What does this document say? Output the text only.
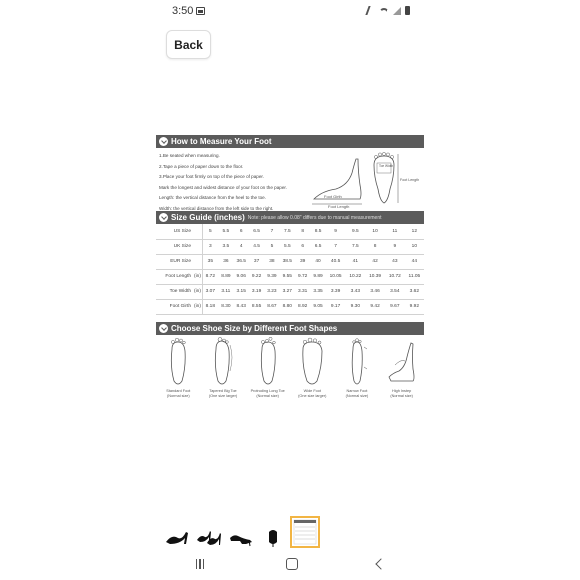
3:50
Back
How to Measure Your Foot
1.Be seated when measuring.
2.Tape a piece of paper down to the floor.
3.Place your foot firmly on top of the piece of paper.
Mark the longest and widest distance of your foot on the paper.
Length: the vertical distance from the heel to the toe.
Width: the vertical distance from the left side to the right.
Foot Girth
Foot Length
Toe Width
Foot Length
Size Guide (inches) Note: please allow 0.08" differs due to manual measurement
US Size		5	5.5	6	6.5	7	7.5	8	8.5	9	9.5	10	11	12
UK Size		3	3.5	4	4.5	5	5.5	6	6.5	7	7.5	8	9	10
EUR Size		35	36	36.5	37	38	38.5	39	40	40.5	41	42	43	44
Foot Length	(in)	8.72	8.89	9.06	9.22	9.39	9.55	9.72	9.89	10.05	10.22	10.39	10.72	11.05
Toe Width	(in)	3.07	3.11	3.15	3.19	3.23	3.27	3.31	3.35	3.39	3.43	3.46	3.54	3.62
Foot Girth	(in)	8.18	8.30	8.43	8.55	8.67	8.80	8.92	9.05	9.17	9.30	9.42	9.67	9.92
Choose Shoe Size by Different Foot Shapes
Standard Foot
(Normal size)
Tapered Big Toe
(One size larger)
Protruding Long Toe
(Normal size)
Wide Foot
(One size larger)
Narrow Foot
(Normal size)
High Instep
(Normal size)
